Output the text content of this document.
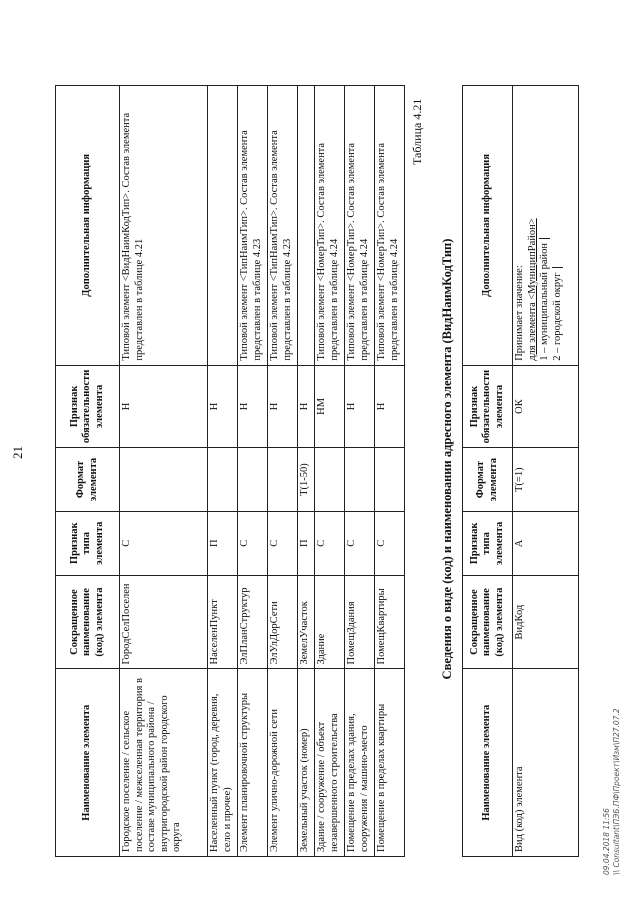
21
Наименование элемента	Сокращенное наименование (код) элемента	Признак типа элемента	Формат элемента	Признак обязательности элемента	Дополнительная информация
Городское поселение / сельское поселение / межселенная территория в составе муниципального района / внутригородской район городского округа	ГородСелПоселен	С		Н	Типовой элемент <ВидНаимКодТип>. Состав элемента представлен в таблице 4.21
Населенный пункт (город, деревня, село и прочее)	НаселенПункт	П		Н	
Элемент планировочной структуры	ЭлПланСтруктур	С		Н	Типовой элемент <ТипНаимТип>. Состав элемента представлен в таблице 4.23
Элемент улично-дорожной сети	ЭлУлДорСети	С		Н	Типовой элемент <ТипНаимТип>. Состав элемента представлен в таблице 4.23
Земельный участок (номер)	ЗемелУчасток	П	T(1-50)	Н	
Здание / сооружение / объект незавершенного строительства	Здание	С		НМ	Типовой элемент <НомерТип>. Состав элемента представлен в таблице 4.24
Помещение в пределах здания, сооружения / машино-место	ПомещЗдания	С		Н	Типовой элемент <НомерТип>. Состав элемента представлен в таблице 4.24
Помещение в пределах квартиры	ПомещКвартиры	С		Н	Типовой элемент <НомерТип>. Состав элемента представлен в таблице 4.24
Таблица 4.21
Сведения о виде (код) и наименовании адресного элемента (ВидНаимКодТип)
Наименование элемента	Сокращенное наименование (код) элемента	Признак типа элемента	Формат элемента	Признак обязательности элемента	Дополнительная информация
Вид (код) элемента	ВидКод	А	T(=1)	ОК	Принимает значение: для элемента <МуниципРайон> 1 – муниципальный район 2 – городской округ
09.04.2018 11:56 \\ Consultant\ПЭБ.ПФ\Проект\Изм\П27.07.2
